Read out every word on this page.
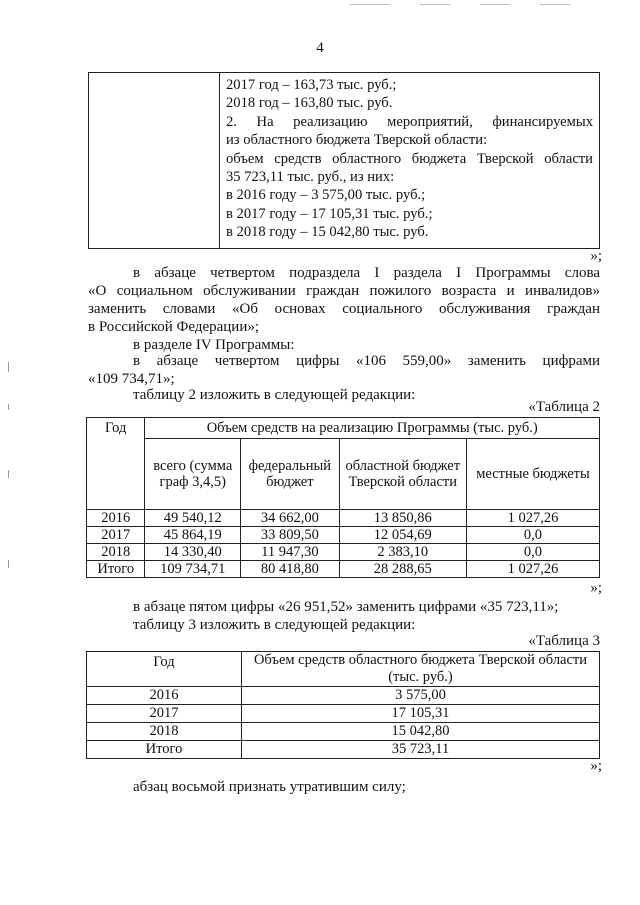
4

2017 год – 163,73 тыс. руб.;
2018 год – 163,80 тыс. руб.
2. На реализацию мероприятий, финансируемых
из областного бюджета Тверской области:
объем средств областного бюджета Тверской области
35 723,11 тыс. руб., из них:
в 2016 году – 3 575,00 тыс. руб.;
в 2017 году – 17 105,31 тыс. руб.;
в 2018 году – 15 042,80 тыс. руб.
»;
в абзаце четвертом подраздела I раздела I Программы слова
«О социальном обслуживании граждан пожилого возраста и инвалидов»
заменить словами «Об основах социального обслуживания граждан
в Российской Федерации»;
в разделе IV Программы:
в абзаце четвертом цифры «106 559,00» заменить цифрами
«109 734,71»;
таблицу 2 изложить в следующей редакции:
«Таблица 2
Год	Объем средств на реализацию Программы (тыс. руб.)			
	всего (сумма граф 3,4,5)	федеральный бюджет	областной бюджет Тверской области	местные бюджеты
2016	49 540,12	34 662,00	13 850,86	1 027,26
2017	45 864,19	33 809,50	12 054,69	0,0
2018	14 330,40	11 947,30	2 383,10	0,0
Итого	109 734,71	80 418,80	28 288,65	1 027,26
»;
в абзаце пятом цифры «26 951,52» заменить цифрами «35 723,11»;
таблицу 3 изложить в следующей редакции:
«Таблица 3
Год	Объем средств областного бюджета Тверской области (тыс. руб.)
2016	3 575,00
2017	17 105,31
2018	15 042,80
Итого	35 723,11
»;
абзац восьмой признать утратившим силу;
